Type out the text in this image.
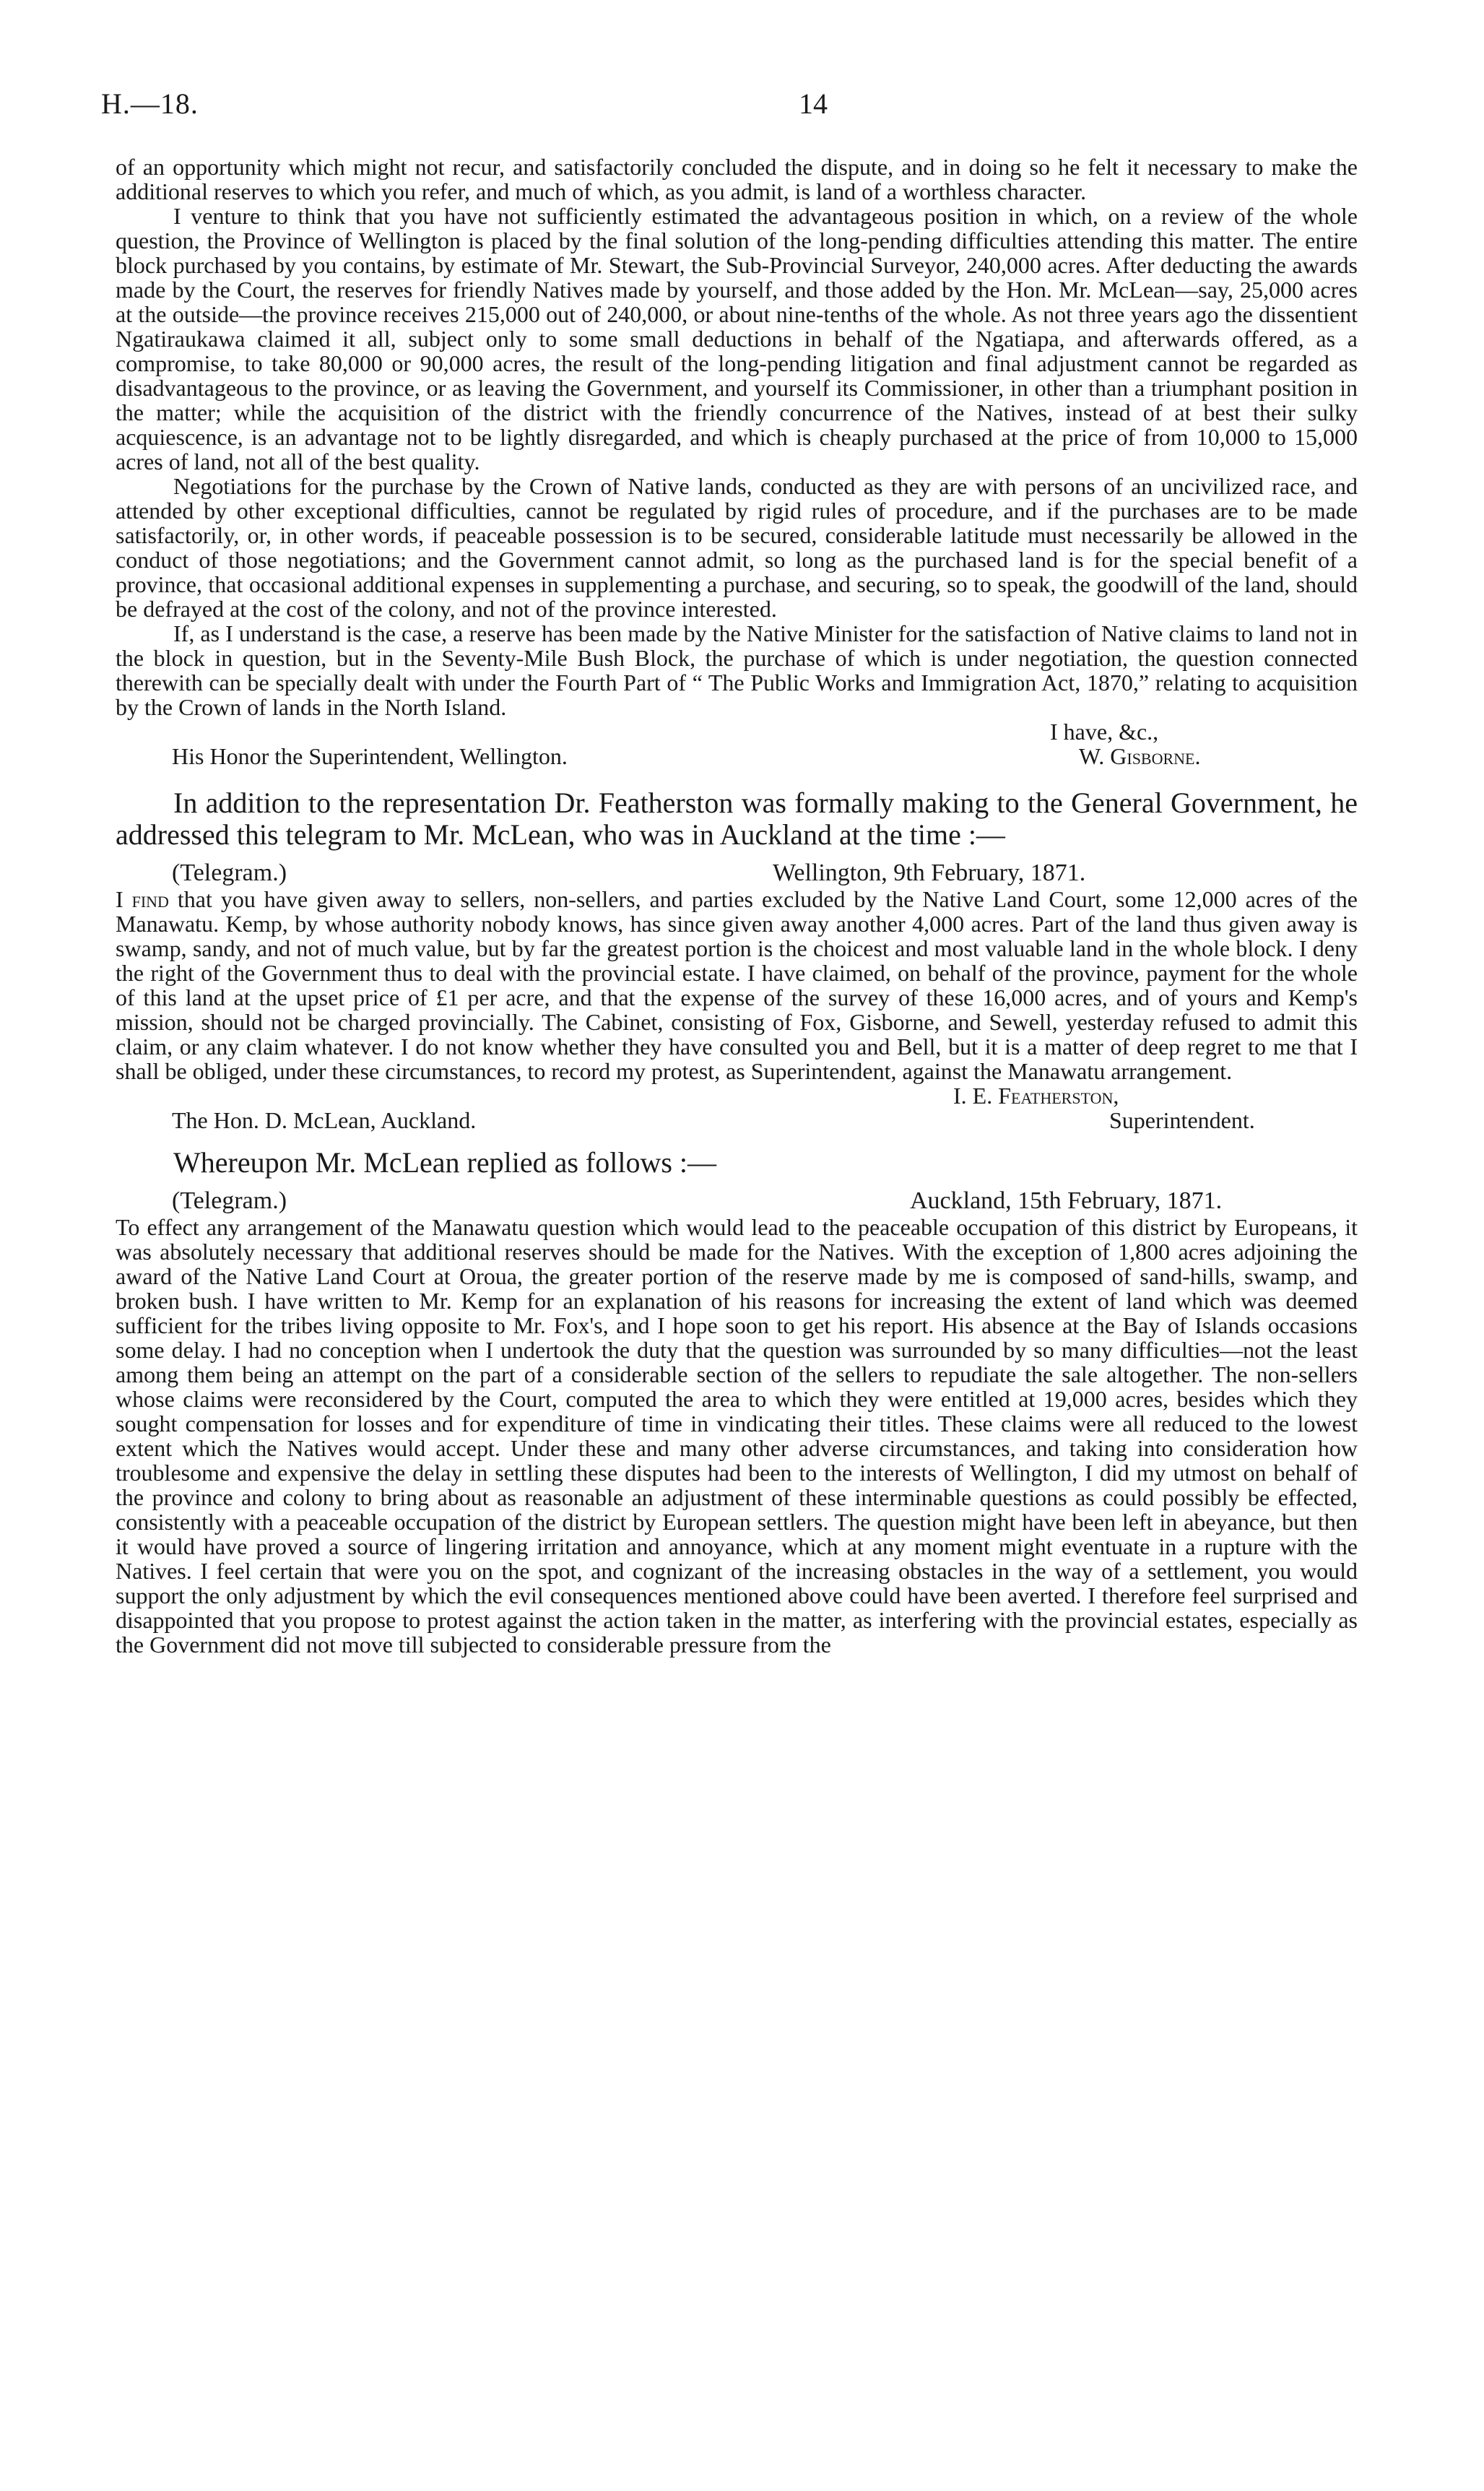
H.—18.	14

of an opportunity which might not recur, and satisfactorily concluded the dispute, and in doing so he felt it necessary to make the additional reserves to which you refer, and much of which, as you admit, is land of a worthless character.

I venture to think that you have not sufficiently estimated the advantageous position in which, on a review of the whole question, the Province of Wellington is placed by the final solution of the long-pending difficulties attending this matter. The entire block purchased by you contains, by estimate of Mr. Stewart, the Sub-Provincial Surveyor, 240,000 acres. After deducting the awards made by the Court, the reserves for friendly Natives made by yourself, and those added by the Hon. Mr. McLean—say, 25,000 acres at the outside—the province receives 215,000 out of 240,000, or about nine-tenths of the whole. As not three years ago the dissentient Ngatiraukawa claimed it all, subject only to some small deductions in behalf of the Ngatiapa, and afterwards offered, as a compromise, to take 80,000 or 90,000 acres, the result of the long-pending litigation and final adjustment cannot be regarded as disadvantageous to the province, or as leaving the Government, and yourself its Commissioner, in other than a triumphant position in the matter; while the acquisition of the district with the friendly concurrence of the Natives, instead of at best their sulky acquiescence, is an advantage not to be lightly disregarded, and which is cheaply purchased at the price of from 10,000 to 15,000 acres of land, not all of the best quality.

Negotiations for the purchase by the Crown of Native lands, conducted as they are with persons of an uncivilized race, and attended by other exceptional difficulties, cannot be regulated by rigid rules of procedure, and if the purchases are to be made satisfactorily, or, in other words, if peaceable possession is to be secured, considerable latitude must necessarily be allowed in the conduct of those negotiations; and the Government cannot admit, so long as the purchased land is for the special benefit of a province, that occasional additional expenses in supplementing a purchase, and securing, so to speak, the goodwill of the land, should be defrayed at the cost of the colony, and not of the province interested.

If, as I understand is the case, a reserve has been made by the Native Minister for the satisfaction of Native claims to land not in the block in question, but in the Seventy-Mile Bush Block, the purchase of which is under negotiation, the question connected therewith can be specially dealt with under the Fourth Part of “ The Public Works and Immigration Act, 1870,” relating to acquisition by the Crown of lands in the North Island.

I have, &c.,
His Honor the Superintendent, Wellington.	W. Gisborne.

In addition to the representation Dr. Featherston was formally making to the General Government, he addressed this telegram to Mr. McLean, who was in Auckland at the time :—

(Telegram.)	Wellington, 9th February, 1871.

I find that you have given away to sellers, non-sellers, and parties excluded by the Native Land Court, some 12,000 acres of the Manawatu. Kemp, by whose authority nobody knows, has since given away another 4,000 acres. Part of the land thus given away is swamp, sandy, and not of much value, but by far the greatest portion is the choicest and most valuable land in the whole block. I deny the right of the Government thus to deal with the provincial estate. I have claimed, on behalf of the province, payment for the whole of this land at the upset price of £1 per acre, and that the expense of the survey of these 16,000 acres, and of yours and Kemp's mission, should not be charged provincially. The Cabinet, consisting of Fox, Gisborne, and Sewell, yesterday refused to admit this claim, or any claim whatever. I do not know whether they have consulted you and Bell, but it is a matter of deep regret to me that I shall be obliged, under these circumstances, to record my protest, as Superintendent, against the Manawatu arrangement.

I. E. Featherston,
The Hon. D. McLean, Auckland.	Superintendent.

Whereupon Mr. McLean replied as follows :—

(Telegram.)	Auckland, 15th February, 1871.

To effect any arrangement of the Manawatu question which would lead to the peaceable occupation of this district by Europeans, it was absolutely necessary that additional reserves should be made for the Natives. With the exception of 1,800 acres adjoining the award of the Native Land Court at Oroua, the greater portion of the reserve made by me is composed of sand-hills, swamp, and broken bush. I have written to Mr. Kemp for an explanation of his reasons for increasing the extent of land which was deemed sufficient for the tribes living opposite to Mr. Fox's, and I hope soon to get his report. His absence at the Bay of Islands occasions some delay. I had no conception when I undertook the duty that the question was surrounded by so many difficulties—not the least among them being an attempt on the part of a considerable section of the sellers to repudiate the sale altogether. The non-sellers whose claims were reconsidered by the Court, computed the area to which they were entitled at 19,000 acres, besides which they sought compensation for losses and for expenditure of time in vindicating their titles. These claims were all reduced to the lowest extent which the Natives would accept. Under these and many other adverse circumstances, and taking into consideration how troublesome and expensive the delay in settling these disputes had been to the interests of Wellington, I did my utmost on behalf of the province and colony to bring about as reasonable an adjustment of these interminable questions as could possibly be effected, consistently with a peaceable occupation of the district by European settlers. The question might have been left in abeyance, but then it would have proved a source of lingering irritation and annoyance, which at any moment might eventuate in a rupture with the Natives. I feel certain that were you on the spot, and cognizant of the increasing obstacles in the way of a settlement, you would support the only adjustment by which the evil consequences mentioned above could have been averted. I therefore feel surprised and disappointed that you propose to protest against the action taken in the matter, as interfering with the provincial estates, especially as the Government did not move till subjected to considerable pressure from the
